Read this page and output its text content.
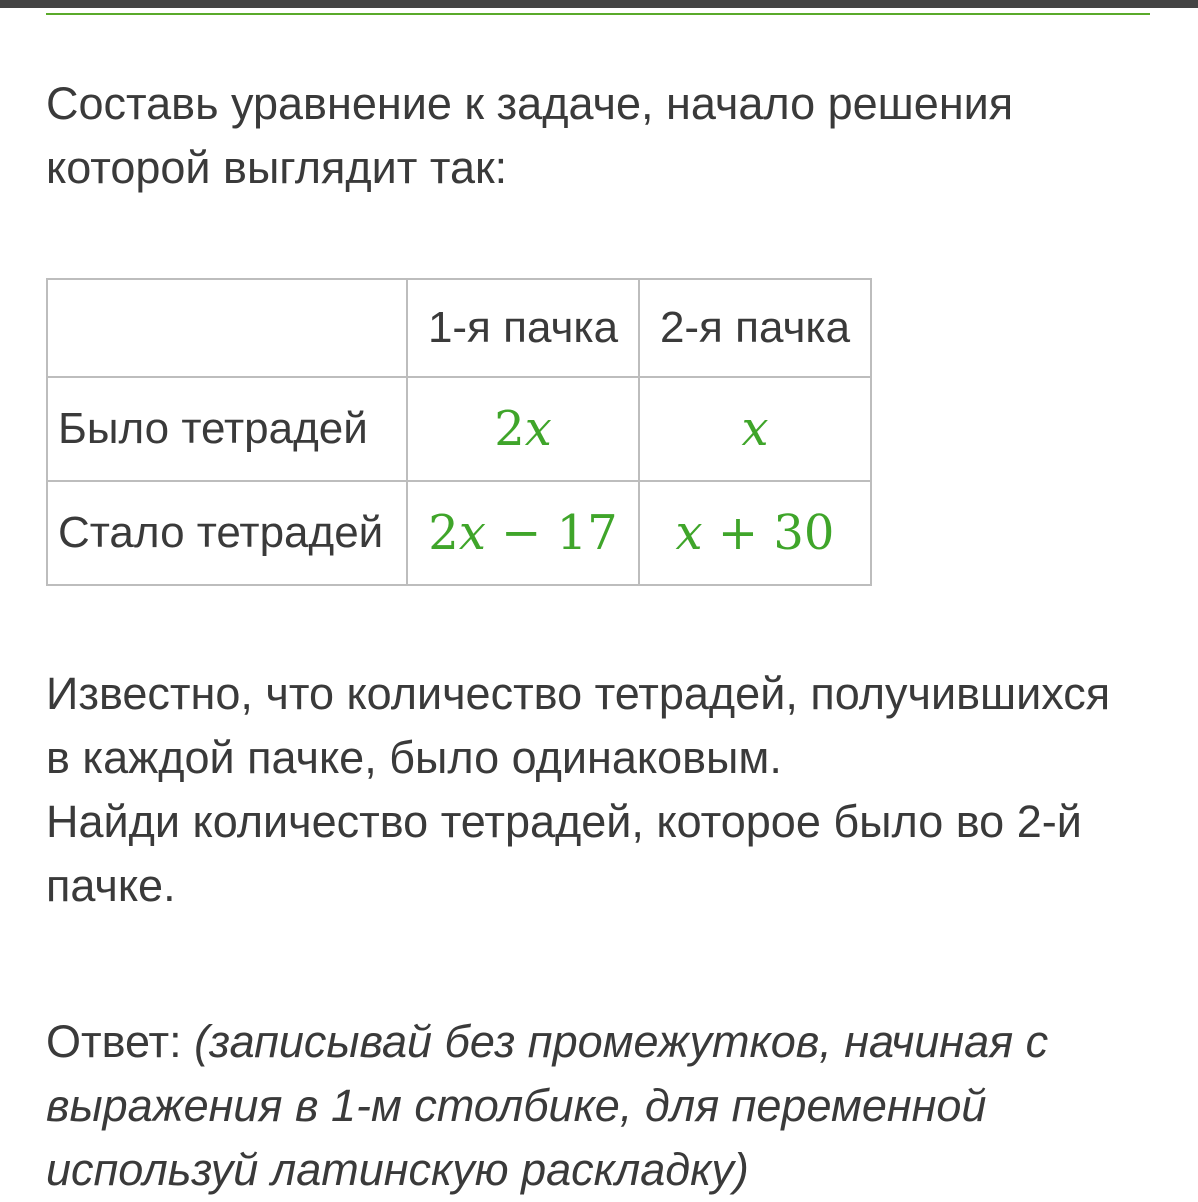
Составь уравнение к задаче, начало решения
которой выглядит так:

	1-я пачка	2-я пачка
Было тетрадей	2x	x
Стало тетрадей	2x − 17	x + 30

Известно, что количество тетрадей, получившихся
в каждой пачке, было одинаковым.
Найди количество тетрадей, которое было во 2-й
пачке.

Ответ: (записывай без промежутков, начиная с
выражения в 1-м столбике, для переменной
используй латинскую раскладку)
